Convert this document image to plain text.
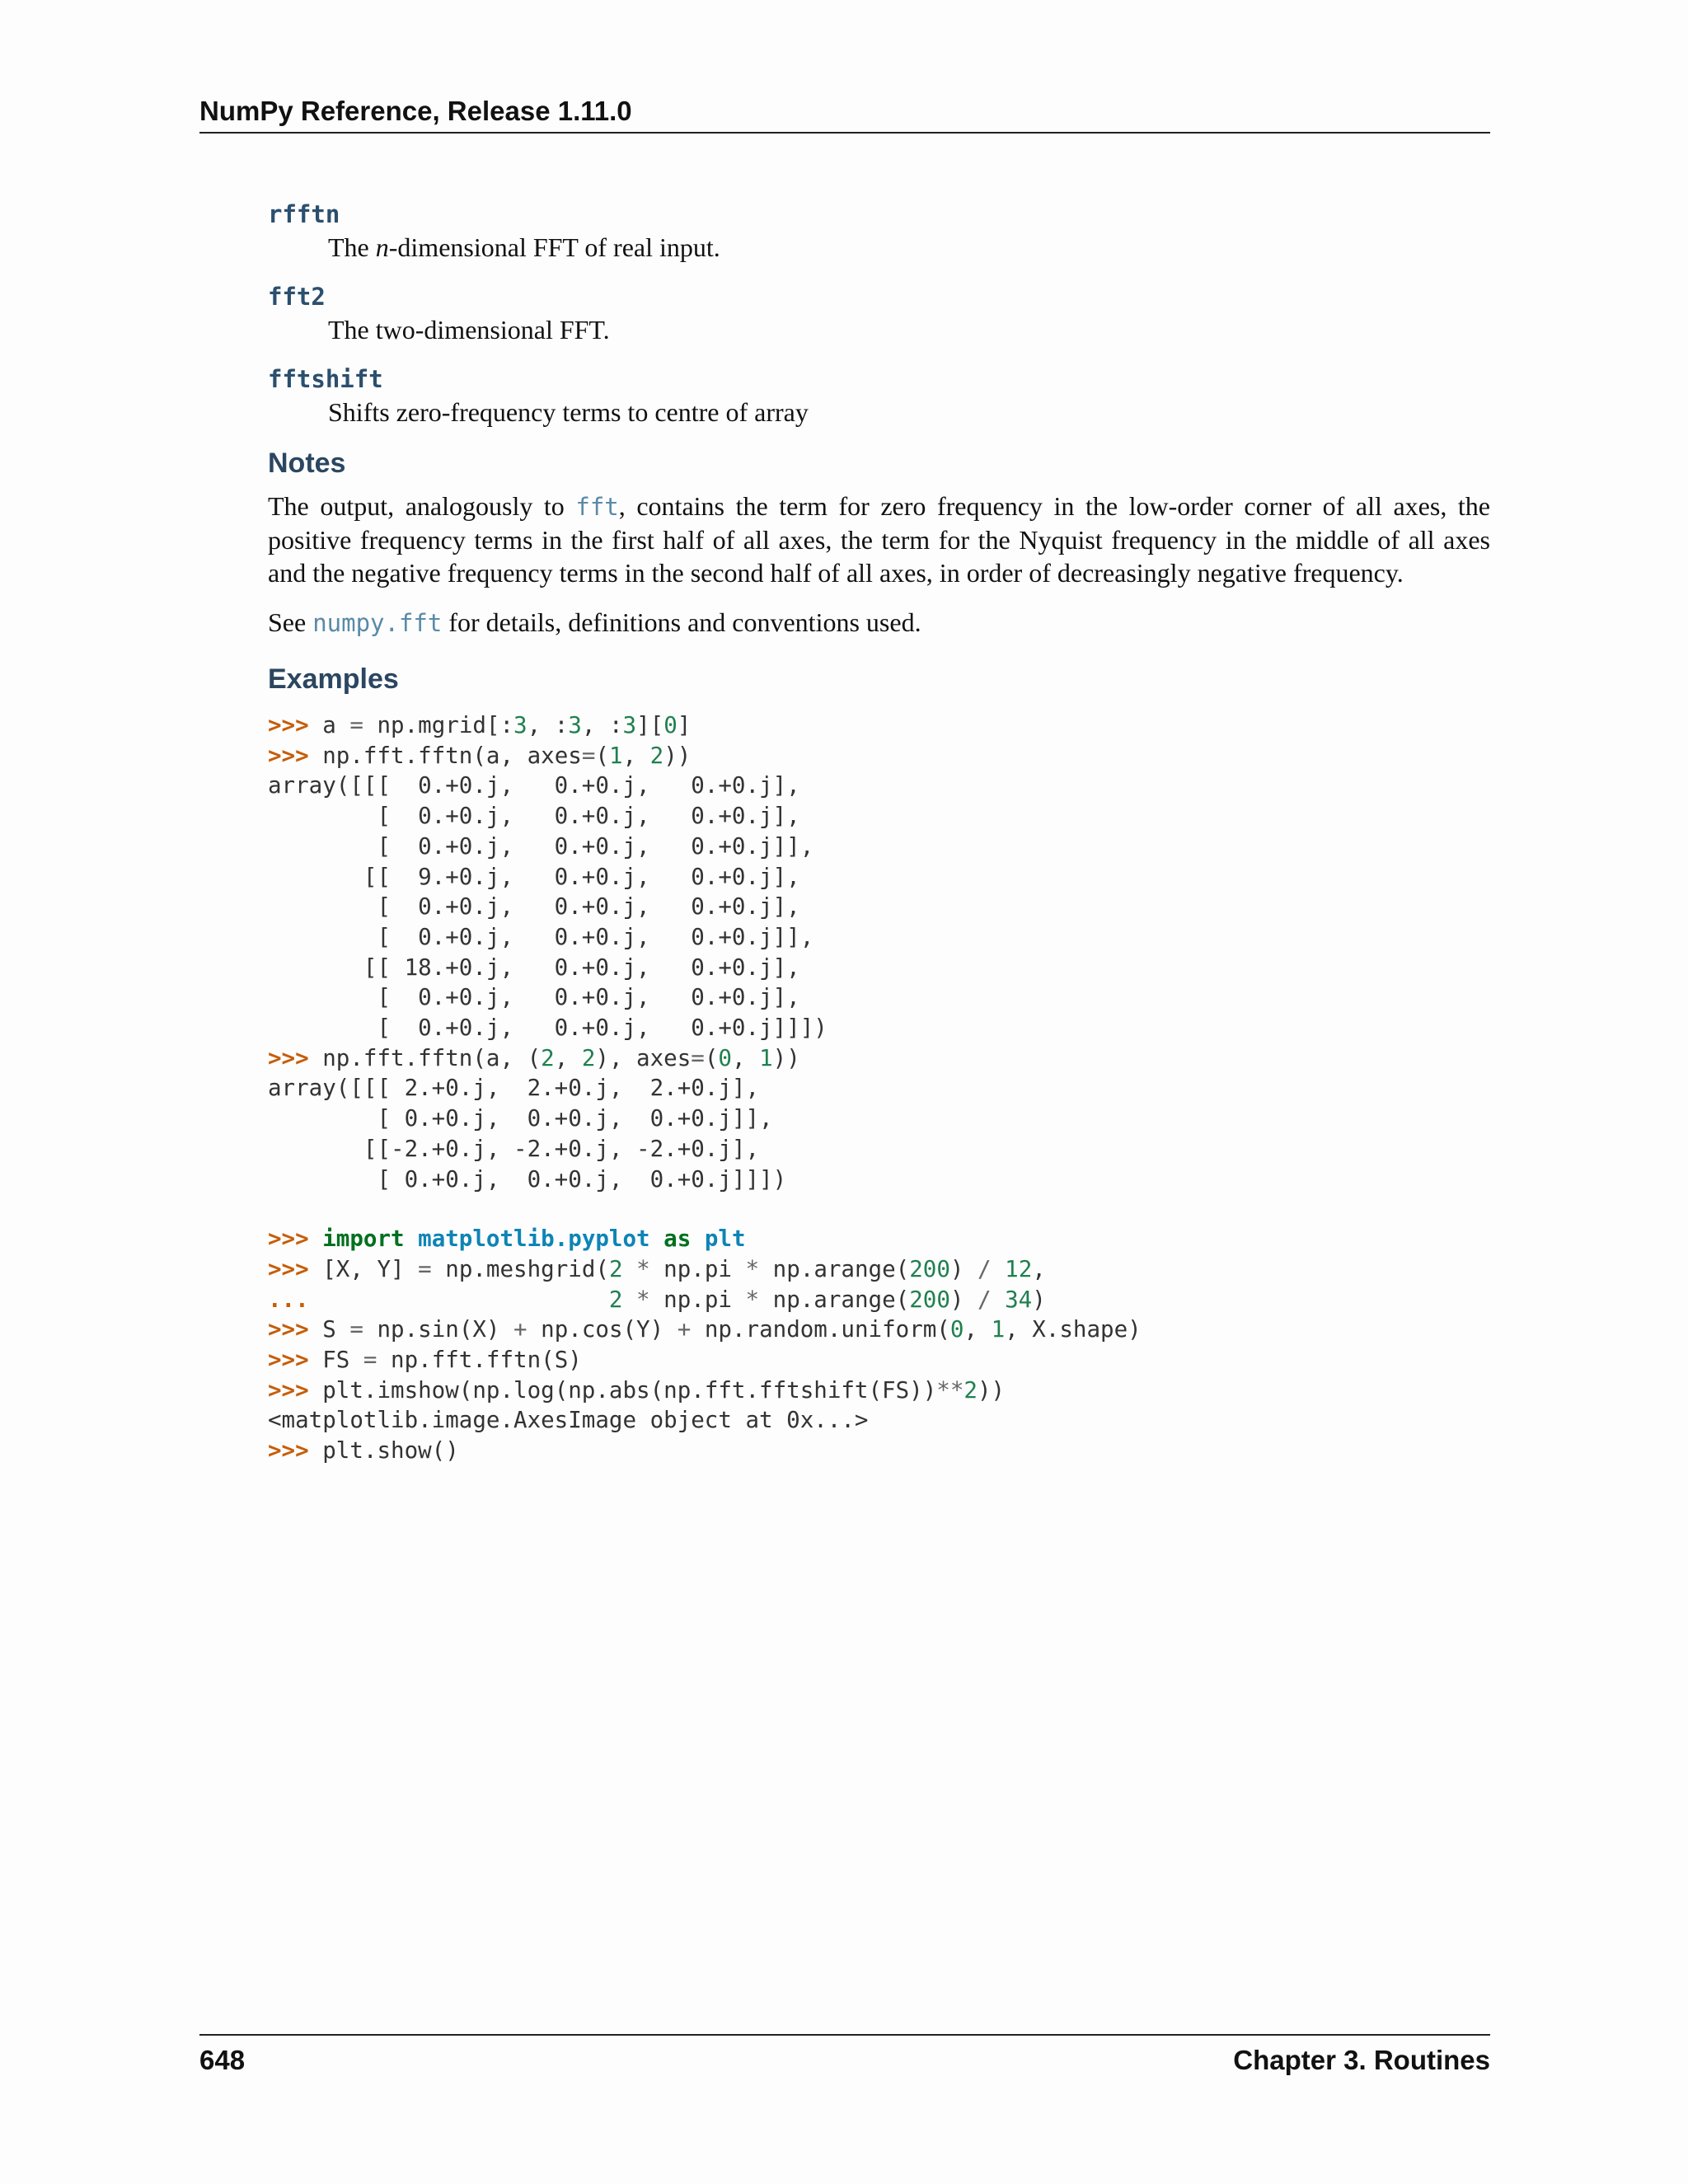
NumPy Reference, Release 1.11.0
rfftn
The n-dimensional FFT of real input.
fft2
The two-dimensional FFT.
fftshift
Shifts zero-frequency terms to centre of array
Notes

The output, analogously to fft, contains the term for zero frequency in the low-order corner of all axes, the positive frequency terms in the first half of all axes, the term for the Nyquist frequency in the middle of all axes and the negative frequency terms in the second half of all axes, in order of decreasingly negative frequency.

See numpy.fft for details, definitions and conventions used.

Examples
>>> a = np.mgrid[:3, :3, :3][0]
>>> np.fft.fftn(a, axes=(1, 2))
array([[[  0.+0.j,   0.+0.j,   0.+0.j],
[  0.+0.j,   0.+0.j,   0.+0.j],
[  0.+0.j,   0.+0.j,   0.+0.j]],
[[  9.+0.j,   0.+0.j,   0.+0.j],
[  0.+0.j,   0.+0.j,   0.+0.j],
[  0.+0.j,   0.+0.j,   0.+0.j]],
[[ 18.+0.j,   0.+0.j,   0.+0.j],
[  0.+0.j,   0.+0.j,   0.+0.j],
[  0.+0.j,   0.+0.j,   0.+0.j]]])
>>> np.fft.fftn(a, (2, 2), axes=(0, 1))
array([[[ 2.+0.j,  2.+0.j,  2.+0.j],
[ 0.+0.j,  0.+0.j,  0.+0.j]],
[[-2.+0.j, -2.+0.j, -2.+0.j],
[ 0.+0.j,  0.+0.j,  0.+0.j]]])
>>> import matplotlib.pyplot as plt
>>> [X, Y] = np.meshgrid(2 * np.pi * np.arange(200) / 12,
...	2 * np.pi * np.arange(200) / 34)
>>> S = np.sin(X) + np.cos(Y) + np.random.uniform(0, 1, X.shape)
>>> FS = np.fft.fftn(S)
>>> plt.imshow(np.log(np.abs(np.fft.fftshift(FS))**2))
<matplotlib.image.AxesImage object at 0x...>
>>> plt.show()
648	Chapter 3. Routines
